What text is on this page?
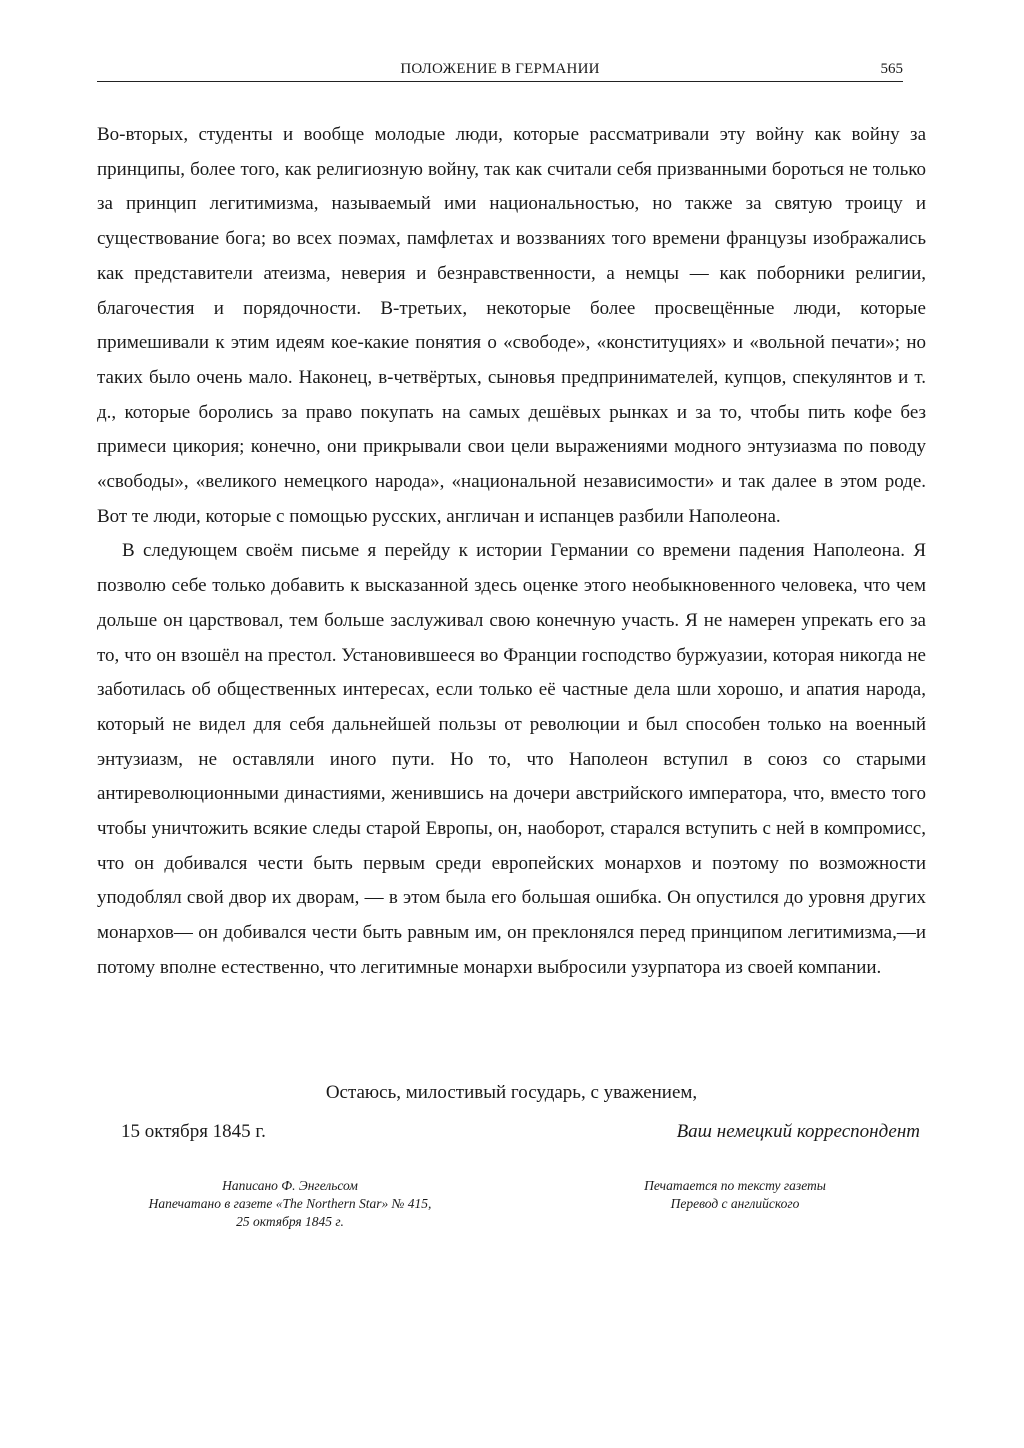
ПОЛОЖЕНИЕ В ГЕРМАНИИ	565

Во-вторых, студенты и вообще молодые люди, которые рассматривали эту войну как войну за принципы, более того, как религиозную войну, так как считали себя призванными бороться не только за принцип легитимизма, называемый ими национальностью, но также за святую троицу и существование бога; во всех поэмах, памфлетах и воззваниях того времени французы изображались как представители атеизма, неверия и безнравственности, а немцы — как поборники религии, благочестия и порядочности. В-третьих, некоторые более просвещённые люди, которые примешивали к этим идеям кое-какие понятия о «свободе», «конституциях» и «вольной печати»; но таких было очень мало. Наконец, в-четвёртых, сыновья предпринимателей, купцов, спекулянтов и т. д., которые боролись за право покупать на самых дешёвых рынках и за то, чтобы пить кофе без примеси цикория; конечно, они прикрывали свои цели выражениями модного энтузиазма по поводу «свободы», «великого немецкого народа», «национальной независимости» и так далее в этом роде. Вот те люди, которые с помощью русских, англичан и испанцев разбили Наполеона.

В следующем своём письме я перейду к истории Германии со времени падения Наполеона. Я позволю себе только добавить к высказанной здесь оценке этого необыкновенного человека, что чем дольше он царствовал, тем больше заслуживал свою конечную участь. Я не намерен упрекать его за то, что он взошёл на престол. Установившееся во Франции господство буржуазии, которая никогда не заботилась об общественных интересах, если только её частные дела шли хорошо, и апатия народа, который не видел для себя дальнейшей пользы от революции и был способен только на военный энтузиазм, не оставляли иного пути. Но то, что Наполеон вступил в союз со старыми антиреволюционными династиями, женившись на дочери австрийского императора, что, вместо того чтобы уничтожить всякие следы старой Европы, он, наоборот, старался вступить с ней в компромисс, что он добивался чести быть первым среди европейских монархов и поэтому по возможности уподоблял свой двор их дворам, — в этом была его большая ошибка. Он опустился до уровня других монархов— он добивался чести быть равным им, он преклонялся перед принципом легитимизма,—и потому вполне естественно, что легитимные монархи выбросили узурпатора из своей компании.

Остаюсь, милостивый государь, с уважением,
15 октября 1845 г.	Ваш немецкий корреспондент
Написано Ф. Энгельсом
Напечатано в газете «The Northern Star» № 415,
25 октября 1845 г.
Печатается по тексту газеты
Перевод с английского
